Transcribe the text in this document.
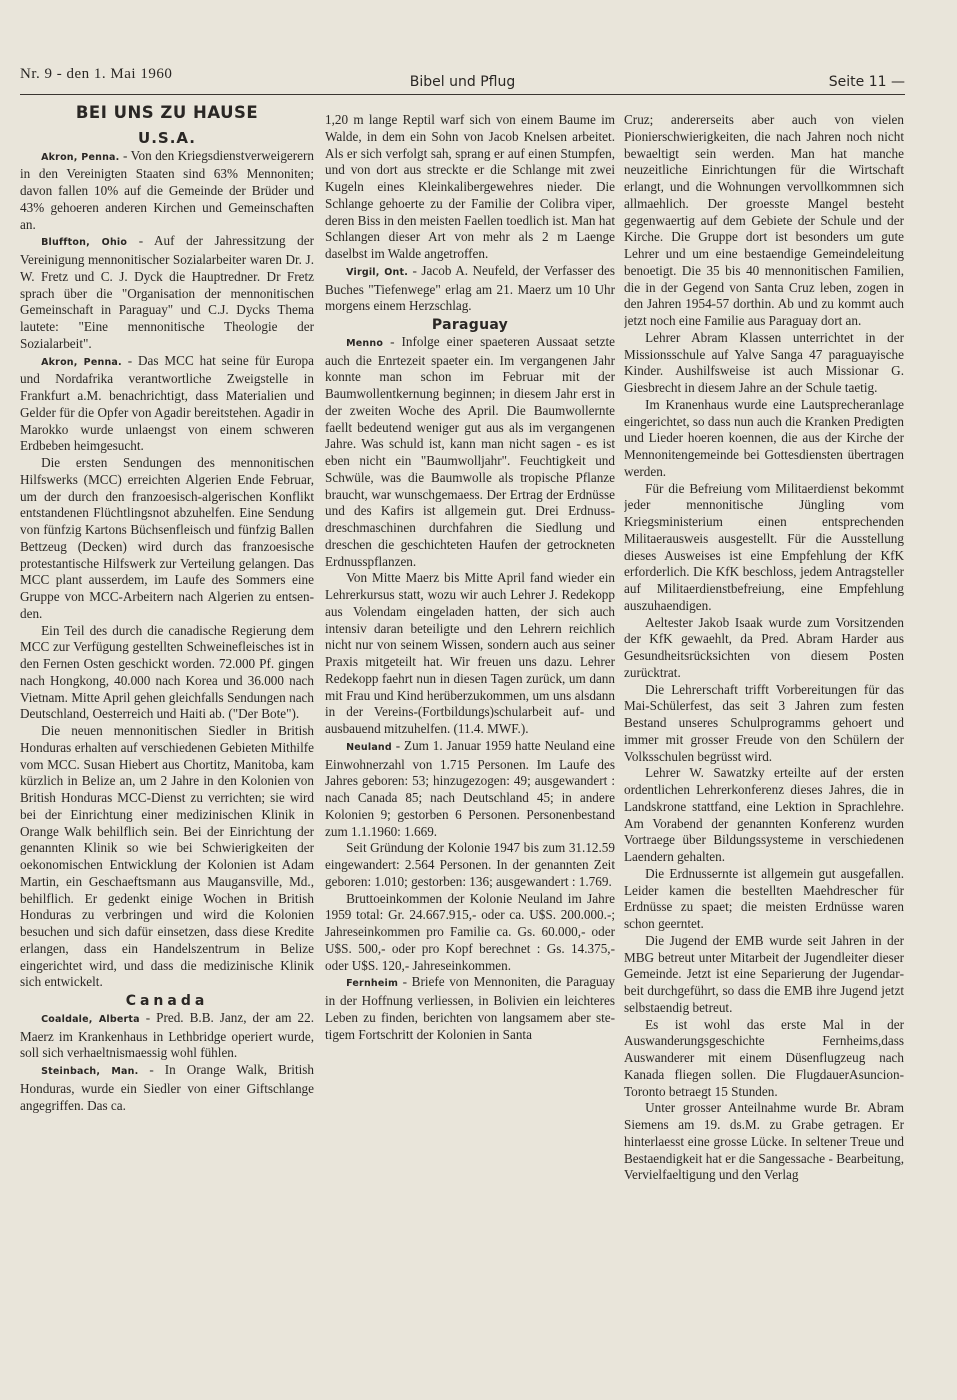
Nr. 9 - den 1. Mai 1960	Bibel und Pflug	Seite 11 —
BEI UNS ZU HAUSE
U.S.A.

Akron, Penna. - Von den Kriegsdienstverweigerern in den Vereinigten Staaten sind 63% Mennoniten; davon fallen 10% auf die Gemeinde der Brüder und 43% gehoeren anderen Kirchen und Gemeinschaften an.

Bluffton, Ohio - Auf der Jahressitzung der Vereinigung mennonitischer Sozialarbeiter waren Dr. J. W. Fretz und C. J. Dyck die Hauptredner. Dr Fretz sprach über die "Organisation der mennonitischen Gemeinschaft in Paraguay" und C.J. Dycks Thema lautete: "Eine mennonitische Theologie der Sozialarbeit".

Akron, Penna. - Das MCC hat seine für Europa und Nordafrika verantwortliche Zweigstelle in Frankfurt a.M. benachrichtigt, dass Materialien und Gelder für die Opfer von Agadir bereitstehen. Agadir in Marokko wurde unlaengst von einem schweren Erdbeben heimgesucht.

Die ersten Sendungen des mennonitischen Hilfswerks (MCC) erreichten Algerien Ende Februar, um der durch den franzoesisch-algerischen Konflikt entstandenen Flüchtlingsnot abzuhelfen. Eine Sendung von fünfzig Kartons Büchsenfleisch und fünfzig Ballen Bettzeug (Decken) wird durch das franzoesische protestantische Hilfswerk zur Verteilung gelangen. Das MCC plant ausserdem, im Laufe des Sommers eine Gruppe von MCC-Arbeitern nach Algerien zu entsenden.

Ein Teil des durch die canadische Regierung dem MCC zur Verfügung gestellten Schweinefleisches ist in den Fernen Osten geschickt worden. 72.000 Pf. gingen nach Hongkong, 40.000 nach Korea und 36.000 nach Vietnam. Mitte April gehen gleichfalls Sendungen nach Deutschland, Oesterreich und Haiti ab. ("Der Bote").

Die neuen mennonitischen Siedler in British Honduras erhalten auf verschiedenen Gebieten Mithilfe vom MCC. Susan Hiebert aus Chortitz, Manitoba, kam kürzlich in Belize an, um 2 Jahre in den Kolonien von British Honduras MCC-Dienst zu verrichten; sie wird bei der Einrichtung einer medizinischen Klinik in Orange Walk behilflich sein. Bei der Einrichtung der genannten Klinik so wie bei Schwierigkeiten der oekonomischen Entwicklung der Kolonien ist Adam Martin, ein Geschaeftsmann aus Maugansville, Md., behilflich. Er gedenkt einige Wochen in British Honduras zu verbringen und wird die Kolonien besuchen und sich dafür einsetzen, dass diese Kredite erlangen, dass ein Handelszentrum in Belize eingerichtet wird, und dass die medizinische Klinik sich entwickelt.

Canada

Coaldale, Alberta - Pred. B.B. Janz, der am 22. Maerz im Krankenhaus in Lethbridge operiert wurde, soll sich verhaeltnismaessig wohl fühlen.

Steinbach, Man. - In Orange Walk, British Honduras, wurde ein Siedler von einer Giftschlange angegriffen. Das ca.

1,20 m lange Reptil warf sich von einem Baume im Walde, in dem ein Sohn von Jacob Knelsen arbeitet. Als er sich verfolgt sah, sprang er auf einen Stumpfen, und von dort aus streckte er die Schlange mit zwei Kugeln eines Kleinkalibergewehres nieder. Die Schlange gehoerte zu der Familie der Colibra viper, deren Biss in den meisten Faellen toedlich ist. Man hat Schlangen dieser Art von mehr als 2 m Laenge daselbst im Walde angetroffen.

Virgil, Ont. - Jacob A. Neufeld, der Verfasser des Buches "Tiefenwege" erlag am 21. Maerz um 10 Uhr morgens einem Herzschlag.

Paraguay

Menno - Infolge einer spaeteren Aussaat setzte auch die Enrtezeit spaeter ein. Im vergangenen Jahr konnte man schon im Februar mit der Baumwollentkernung beginnen; in diesem Jahr erst in der zweiten Woche des April. Die Baumwollernte faellt bedeutend weniger gut aus als im vergangenen Jahre. Was schuld ist, kann man nicht sagen - es ist eben nicht ein "Baumwolljahr". Feuchtigkeit und Schwüle, was die Baumwolle als tropische Pflanze braucht, war wunschgemaess. Der Ertrag der Erdnüsse und des Kafirs ist allgemein gut. Drei Erdnussdreschmaschinen durchfahren die Siedlung und dreschen die geschichteten Haufen der getrockneten Erdnusspflanzen.

Von Mitte Maerz bis Mitte April fand wieder ein Lehrerkursus statt, wozu wir auch Lehrer J. Redekopp aus Volendam eingeladen hatten, der sich auch intensiv daran beteiligte und den Lehrern reichlich nicht nur von seinem Wissen, sondern auch aus seiner Praxis mitgeteilt hat. Wir freuen uns dazu. Lehrer Redekopp faehrt nun in diesen Tagen zurück, um dann mit Frau und Kind herüberzukommen, um uns alsdann in der Vereins-(Fortbildungs)schularbeit auf- und ausbauend mitzuhelfen. (11.4. MWF.).

Neuland - Zum 1. Januar 1959 hatte Neuland eine Einwohnerzahl von 1.715 Personen. Im Laufe des Jahres geboren: 53; hinzugezogen: 49; ausgewandert : nach Canada 85; nach Deutschland 45; in andere Kolonien 9; gestorben 6 Personen. Personenbestand zum 1.1.1960: 1.669.

Seit Gründung der Kolonie 1947 bis zum 31.12.59 eingewandert: 2.564 Personen. In der genannten Zeit geboren: 1.010; gestorben: 136; ausgewandert : 1.769.

Bruttoeinkommen der Kolonie Neuland im Jahre 1959 total: Gr. 24.667.915,- oder ca. U$S. 200.000.-; Jahreseinkommen pro Familie ca. Gs. 60.000,- oder U$S. 500,- oder pro Kopf berechnet : Gs. 14.375,- oder U$S. 120,- Jahreseinkommen.

Fernheim - Briefe von Mennoniten, die Paraguay in der Hoffnung verliessen, in Bolivien ein leichteres Leben zu finden, berichten von langsamem aber stetigem Fortschritt der Kolonien in Santa

Cruz; andererseits aber auch von vielen Pionierschwierigkeiten, die nach Jahren noch nicht bewaeltigt sein werden. Man hat manche neuzeitliche Einrichtungen für die Wirtschaft erlangt, und die Wohnungen vervollkommnen sich allmaehlich. Der groesste Mangel besteht gegenwaertig auf dem Gebiete der Schule und der Kirche. Die Gruppe dort ist besonders um gute Lehrer und um eine bestaendige Gemeindeleitung benoetigt. Die 35 bis 40 mennonitischen Familien, die in der Gegend von Santa Cruz leben, zogen in den Jahren 1954-57 dorthin. Ab und zu kommt auch jetzt noch eine Familie aus Paraguay dort an.

Lehrer Abram Klassen unterrichtet in der Missionsschule auf Yalve Sanga 47 paraguayische Kinder. Aushilfsweise ist auch Missionar G. Giesbrecht in diesem Jahre an der Schule taetig.

Im Kranenhaus wurde eine Lautsprecheranlage eingerichtet, so dass nun auch die Kranken Predigten und Lieder hoeren koennen, die aus der Kirche der Mennonitengemeinde bei Gottesdiensten übertragen werden.

Für die Befreiung vom Militaerdienst bekommt jeder mennonitische Jüngling vom Kriegsministerium einen entsprechenden Militaerausweis ausgestellt. Für die Ausstellung dieses Ausweises ist eine Empfehlung der KfK erforderlich. Die KfK beschloss, jedem Antragsteller auf Militaerdienstbefreiung, eine Empfehlung auszuhaendigen.

Aeltester Jakob Isaak wurde zum Vorsitzenden der KfK gewaehlt, da Pred. Abram Harder aus Gesundheitsrücksichten von diesem Posten zurücktrat.

Die Lehrerschaft trifft Vorbereitungen für das Mai-Schülerfest, das seit 3 Jahren zum festen Bestand unseres Schulprogramms gehoert und immer mit grosser Freude von den Schülern der Volksschulen begrüsst wird.

Lehrer W. Sawatzky erteilte auf der ersten ordentlichen Lehrerkonferenz dieses Jahres, die in Landskrone stattfand, eine Lektion in Sprachlehre. Am Vorabend der genannten Konferenz wurden Vortraege über Bildungssysteme in verschiedenen Laendern gehalten.

Die Erdnussernte ist allgemein gut ausgefallen. Leider kamen die bestellten Maehdrescher für Erdnüsse zu spaet; die meisten Erdnüsse waren schon geerntet.

Die Jugend der EMB wurde seit Jahren in der MBG betreut unter Mitarbeit der Jugendleiter dieser Gemeinde. Jetzt ist eine Separierung der Jugendarbeit durchgeführt, so dass die EMB ihre Jugend jetzt selbstaendig betreut.

Es ist wohl das erste Mal in der Auswanderungsgeschichte Fernheims,dass Auswanderer mit einem Düsenflugzeug nach Kanada fliegen sollen. Die FlugdauerAsuncion-Toronto betraegt 15 Stunden.

Unter grosser Anteilnahme wurde Br. Abram Siemens am 19. ds.M. zu Grabe getragen. Er hinterlaesst eine grosse Lücke. In seltener Treue und Bestaendigkeit hat er die Sangessache - Bearbeitung, Vervielfaeltigung und den Verlag
